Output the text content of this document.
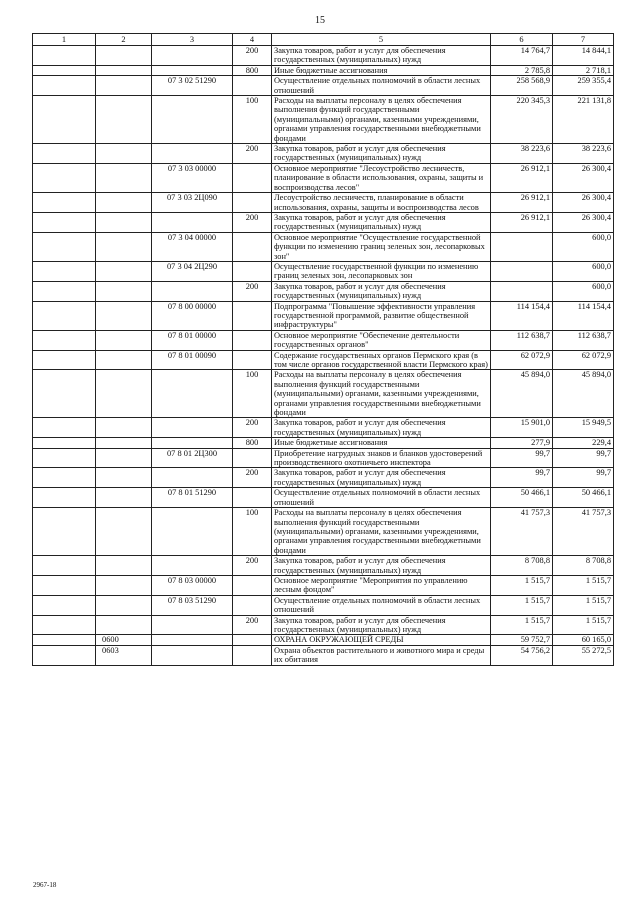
15
1	2	3	4	5	6	7
			200	Закупка товаров, работ и услуг для обеспечения государственных (муниципальных) нужд	14 764,7	14 844,1
			800	Иные бюджетные ассигнования	2 785,8	2 718,1
		07 3 02 51290		Осуществление отдельных полномочий в области лесных отношений	258 568,9	259 355,4
			100	Расходы на выплаты персоналу в целях обеспечения выполнения функций государственными (муниципальными) органами, казенными учреждениями, органами управления государственными внебюджетными фондами	220 345,3	221 131,8
			200	Закупка товаров, работ и услуг для обеспечения государственных (муниципальных) нужд	38 223,6	38 223,6
		07 3 03 00000		Основное мероприятие "Лесоустройство лесничеств, планирование в области использования, охраны, защиты и воспроизводства лесов"	26 912,1	26 300,4
		07 3 03 2Ц090		Лесоустройство лесничеств, планирование в области использования, охраны, защиты и воспроизводства лесов	26 912,1	26 300,4
			200	Закупка товаров, работ и услуг для обеспечения государственных (муниципальных) нужд	26 912,1	26 300,4
		07 3 04 00000		Основное мероприятие "Осуществление государственной функции по изменению границ зеленых зон, лесопарковых зон"		600,0
		07 3 04 2Ц290		Осуществление государственной функции по изменению границ зеленых зон, лесопарковых зон		600,0
			200	Закупка товаров, работ и услуг для обеспечения государственных (муниципальных) нужд		600,0
		07 8 00 00000		Подпрограмма "Повышение эффективности управления государственной программой, развитие общественной инфраструктуры"	114 154,4	114 154,4
		07 8 01 00000		Основное мероприятие "Обеспечение деятельности государственных органов"	112 638,7	112 638,7
		07 8 01 00090		Содержание государственных органов Пермского края (в том числе органов государственной власти Пермского края)	62 072,9	62 072,9
			100	Расходы на выплаты персоналу в целях обеспечения выполнения функций государственными (муниципальными) органами, казенными учреждениями, органами управления государственными внебюджетными фондами	45 894,0	45 894,0
			200	Закупка товаров, работ и услуг для обеспечения государственных (муниципальных) нужд	15 901,0	15 949,5
			800	Иные бюджетные ассигнования	277,9	229,4
		07 8 01 2Ц300		Приобретение нагрудных знаков и бланков удостоверений производственного охотничьего инспектора	99,7	99,7
			200	Закупка товаров, работ и услуг для обеспечения государственных (муниципальных) нужд	99,7	99,7
		07 8 01 51290		Осуществление отдельных полномочий в области лесных отношений	50 466,1	50 466,1
			100	Расходы на выплаты персоналу в целях обеспечения выполнения функций государственными (муниципальными) органами, казенными учреждениями, органами управления государственными внебюджетными фондами	41 757,3	41 757,3
			200	Закупка товаров, работ и услуг для обеспечения государственных (муниципальных) нужд	8 708,8	8 708,8
		07 8 03 00000		Основное мероприятие "Мероприятия по управлению лесным фондом"	1 515,7	1 515,7
		07 8 03 51290		Осуществление отдельных полномочий в области лесных отношений	1 515,7	1 515,7
			200	Закупка товаров, работ и услуг для обеспечения государственных (муниципальных) нужд	1 515,7	1 515,7
	0600			ОХРАНА ОКРУЖАЮЩЕЙ СРЕДЫ	59 752,7	60 165,0
	0603			Охрана объектов растительного и животного мира и среды их обитания	54 756,2	55 272,5
2967-18
